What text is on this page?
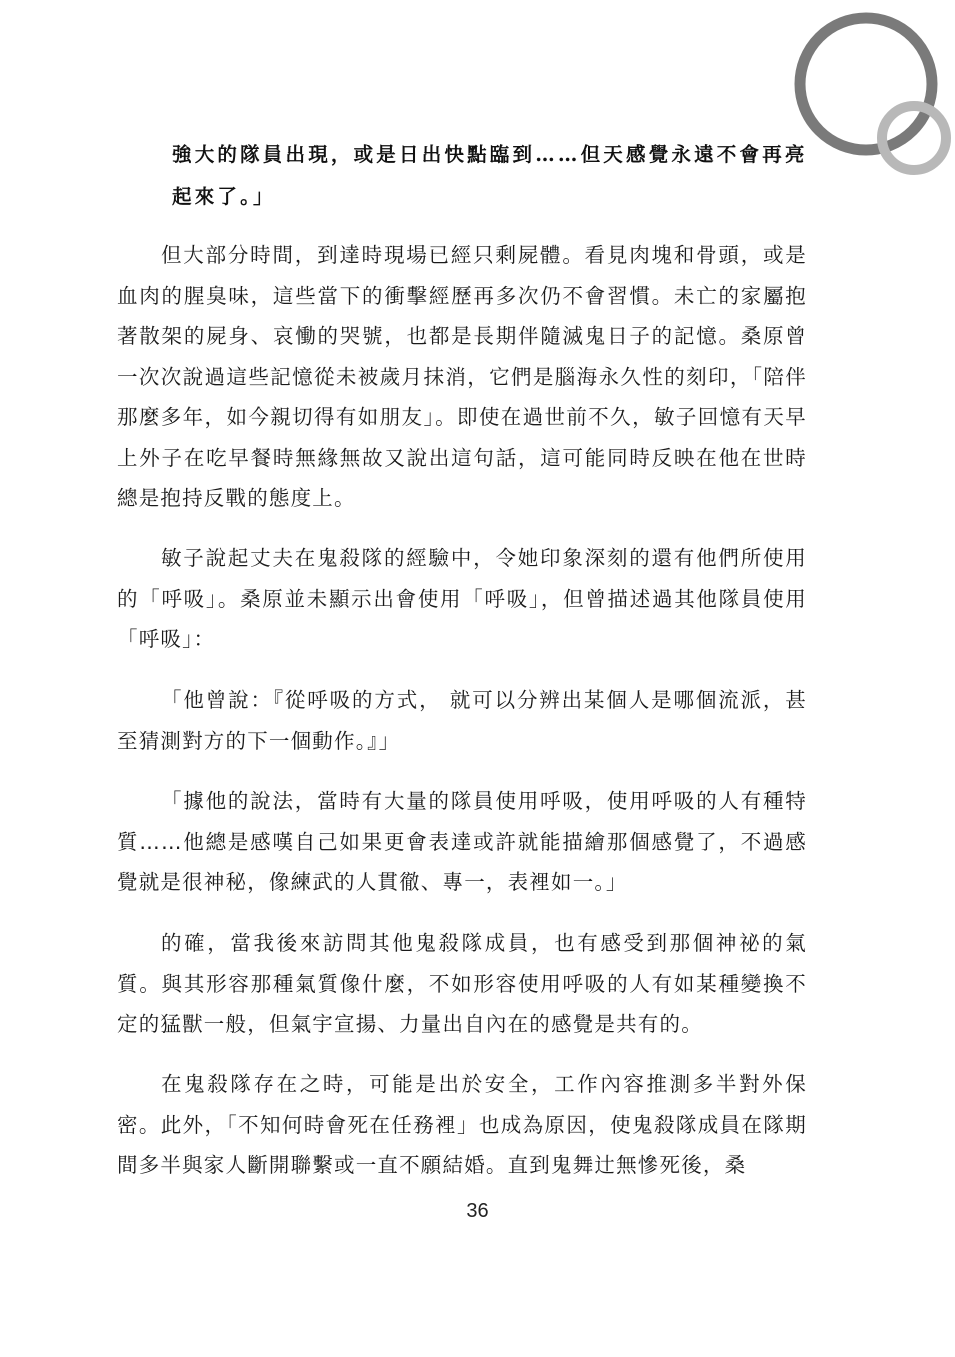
強大的隊員出現，或是日出快點臨到……但天感覺永遠不會再亮起來了。」

但大部分時間，到達時現場已經只剩屍體。看見肉塊和骨頭，或是血肉的腥臭味，這些當下的衝擊經歷再多次仍不會習慣。未亡的家屬抱著散架的屍身、哀慟的哭號，也都是長期伴隨滅鬼日子的記憶。桑原曾一次次說過這些記憶從未被歲月抹消，它們是腦海永久性的刻印，「陪伴那麼多年，如今親切得有如朋友」。即使在過世前不久，敏子回憶有天早上外子在吃早餐時無緣無故又說出這句話，這可能同時反映在他在世時總是抱持反戰的態度上。

敏子說起丈夫在鬼殺隊的經驗中，令她印象深刻的還有他們所使用的「呼吸」。桑原並未顯示出會使用「呼吸」，但曾描述過其他隊員使用「呼吸」：

「他曾說：『從呼吸的方式， 就可以分辨出某個人是哪個流派，甚至猜測對方的下一個動作。』」

「據他的說法，當時有大量的隊員使用呼吸，使用呼吸的人有種特質……他總是感嘆自己如果更會表達或許就能描繪那個感覺了，不過感覺就是很神秘，像練武的人貫徹、專一，表裡如一。」

的確，當我後來訪問其他鬼殺隊成員，也有感受到那個神祕的氣質。與其形容那種氣質像什麼，不如形容使用呼吸的人有如某種變換不定的猛獸一般，但氣宇宣揚、力量出自內在的感覺是共有的。

在鬼殺隊存在之時，可能是出於安全，工作內容推測多半對外保密。此外，「不知何時會死在任務裡」也成為原因，使鬼殺隊成員在隊期間多半與家人斷開聯繫或一直不願結婚。直到鬼舞辻無慘死後，桑

36
